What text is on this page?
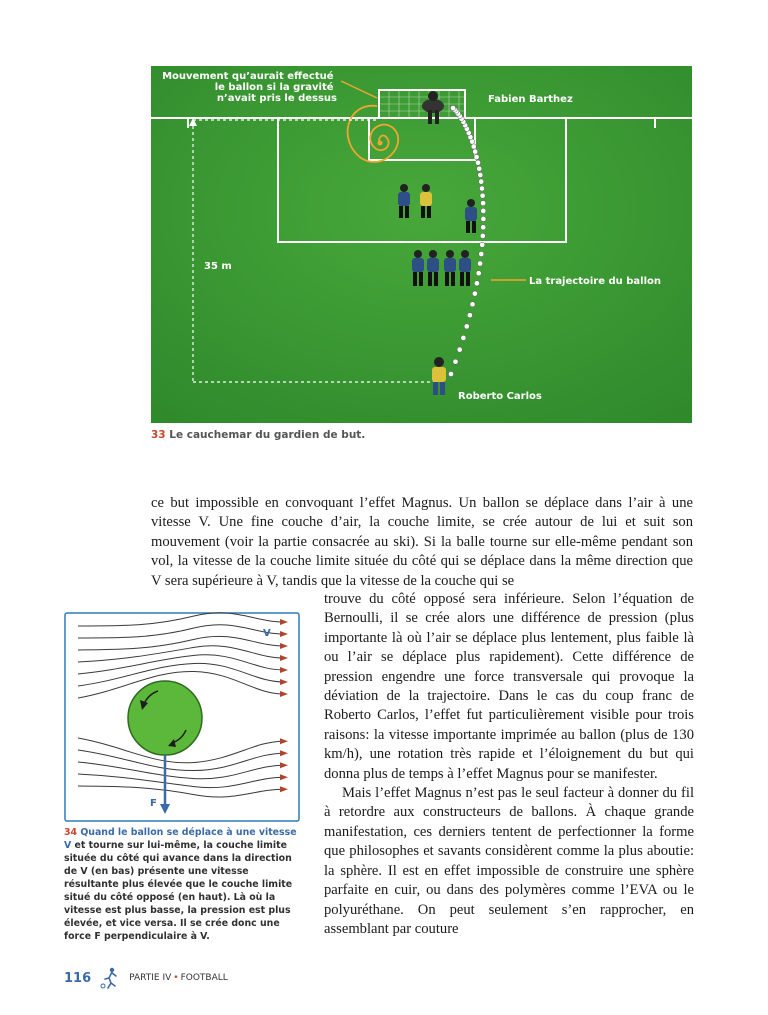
Mouvement qu’aurait effectué le ballon si la gravité n’avait pris le dessus	Fabien Barthez
35 m
La trajectoire du ballon
Roberto Carlos
33 Le cauchemar du gardien de but.
ce but impossible en convoquant l’effet Magnus. Un ballon se déplace dans l’air à une vitesse V. Une fine couche d’air, la couche limite, se crée autour de lui et suit son mouvement (voir la partie consacrée au ski). Si la balle tourne sur elle-même pendant son vol, la vitesse de la couche limite située du côté qui se déplace dans la même direction que V sera supérieure à V, tandis que la vitesse de la couche qui se
trouve du côté opposé sera inférieure. Selon l’équation de Bernoulli, il se crée alors une différence de pression (plus importante là où l’air se déplace plus lentement, plus faible là ou l’air se déplace plus rapidement). Cette différence de pression engendre une force transversale qui provoque la déviation de la trajectoire. Dans le cas du coup franc de Roberto Carlos, l’effet fut particulièrement visible pour trois raisons: la vitesse importante imprimée au ballon (plus de 130 km/h), une rotation très rapide et l’éloignement du but qui donna plus de temps à l’effet Magnus pour se manifester.
Mais l’effet Magnus n’est pas le seul facteur à donner du fil à retordre aux constructeurs de ballons. À chaque grande manifestation, ces derniers tentent de perfectionner la forme que philosophes et savants considèrent comme la plus aboutie: la sphère. Il est en effet impossible de construire une sphère parfaite en cuir, ou dans des polymères comme l’EVA ou le polyuréthane. On peut seulement s’en rapprocher, en assemblant par couture
F
V
34 Quand le ballon se déplace à une vitesse V et tourne sur lui-même, la couche limite située du côté qui avance dans la direction de V (en bas) présente une vitesse résultante plus élevée que le couche limite situé du côté opposé (en haut). Là où la vitesse est plus basse, la pression est plus élevée, et vice versa. Il se crée donc une force F perpendiculaire à V.
116	PARTIE IV • FOOTBALL
